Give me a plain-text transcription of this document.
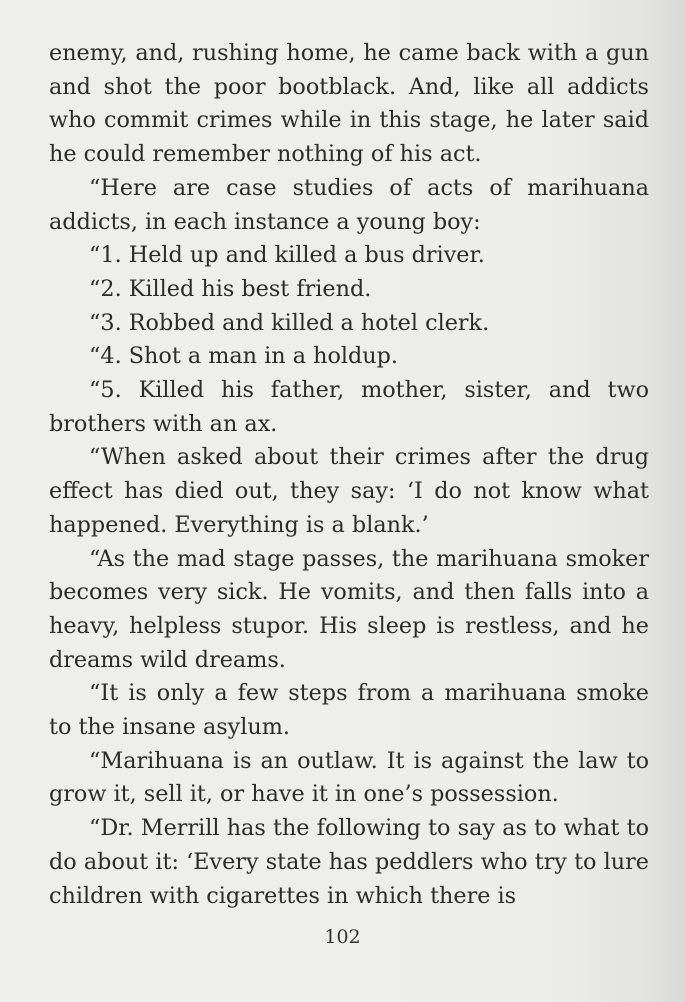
enemy, and, rushing home, he came back with a gun and shot the poor bootblack. And, like all addicts who commit crimes while in this stage, he later said he could remember nothing of his act.

“Here are case studies of acts of marihuana addicts, in each instance a young boy:

“1. Held up and killed a bus driver.

“2. Killed his best friend.

“3. Robbed and killed a hotel clerk.

“4. Shot a man in a holdup.

“5. Killed his father, mother, sister, and two brothers with an ax.

“When asked about their crimes after the drug effect has died out, they say: ‘I do not know what happened. Everything is a blank.’

“As the mad stage passes, the marihuana smoker becomes very sick. He vomits, and then falls into a heavy, helpless stupor. His sleep is restless, and he dreams wild dreams.

“It is only a few steps from a marihuana smoke to the insane asylum.

“Marihuana is an outlaw. It is against the law to grow it, sell it, or have it in one’s possession.

“Dr. Merrill has the following to say as to what to do about it: ‘Every state has peddlers who try to lure children with cigarettes in which there is

102
